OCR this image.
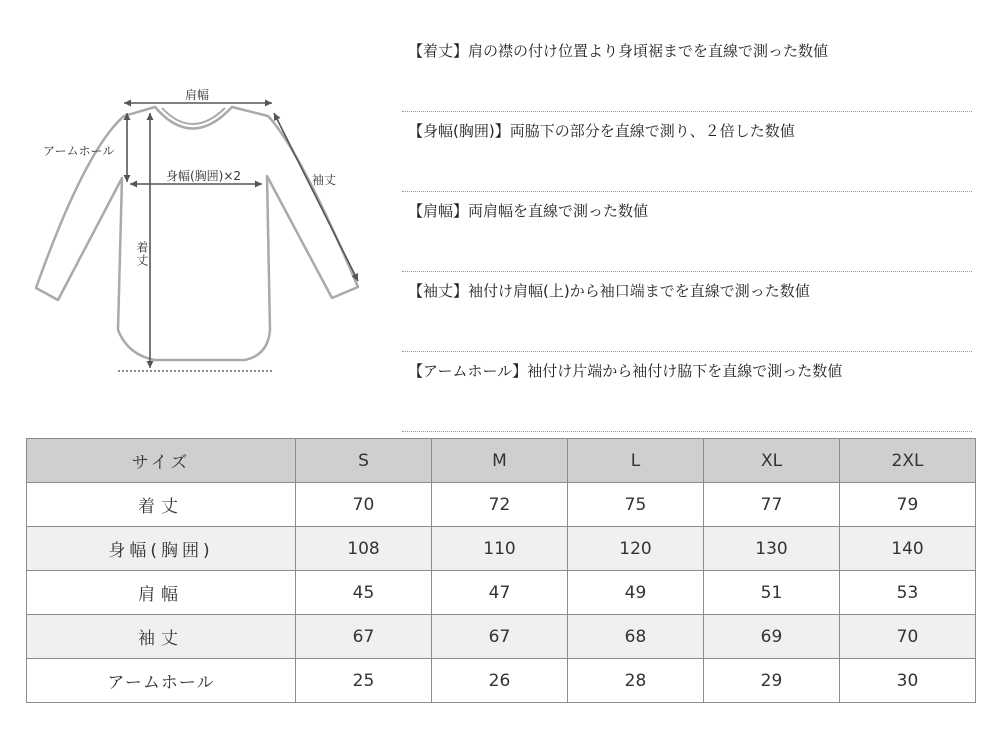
肩幅
アームホール
身幅(胸囲)×2	袖丈
着丈
【着丈】肩の襟の付け位置より身頃裾までを直線で測った数値
【身幅(胸囲)】両脇下の部分を直線で測り、２倍した数値
【肩幅】両肩幅を直線で測った数値
【袖丈】袖付け肩幅(上)から袖口端までを直線で測った数値
【アームホール】袖付け片端から袖付け脇下を直線で測った数値
サイズ	S	M	L	XL	2XL
着丈	70	72	75	77	79
身幅(胸囲)	108	110	120	130	140
肩幅	45	47	49	51	53
袖丈	67	67	68	69	70
アームホール	25	26	28	29	30
